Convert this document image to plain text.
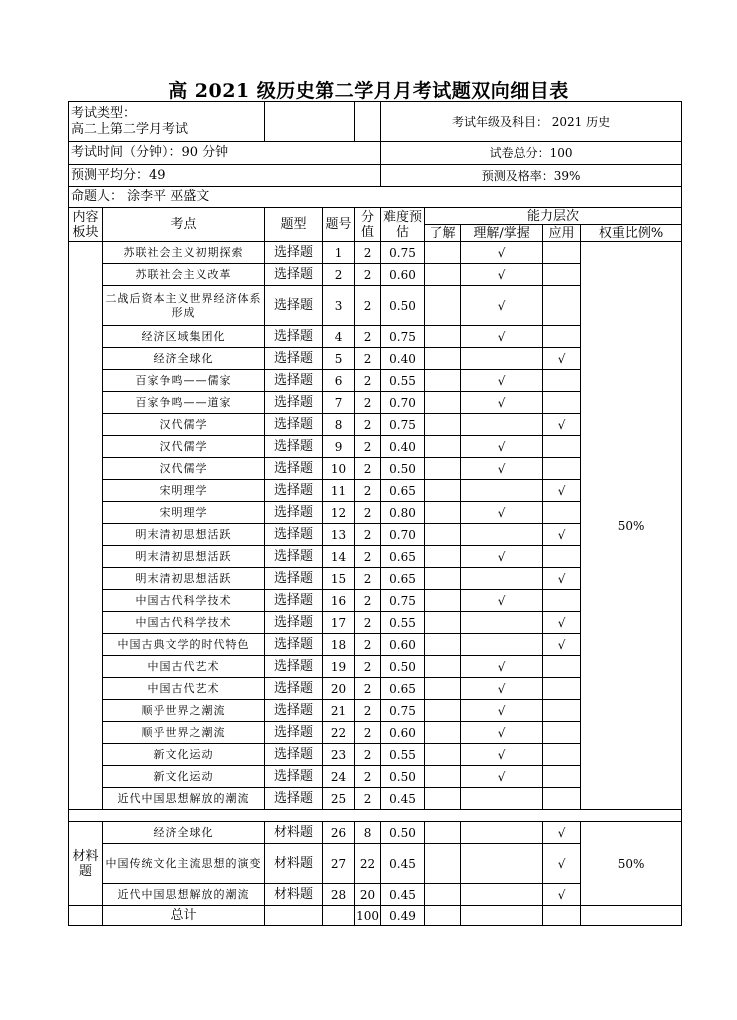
高 2021 级历史第二学月月考试题双向细目表
考试类型：
高二上第二学月考试					考试年级及科目： 2021 历史				
考试时间（分钟）：90 分钟					试卷总分：100				
预测平均分：49					预测及格率：39%				
命题人： 涂李平 巫盛文									
内容板块	考点	题型	题号	分值	难度预估	能力层次			
						了解	理解/掌握	应用	权重比例%
	苏联社会主义初期探索	选择题	1	2	0.75		√		50%
	苏联社会主义改革	选择题	2	2	0.60		√		
	二战后资本主义世界经济体系形成	选择题	3	2	0.50		√		
	经济区域集团化	选择题	4	2	0.75		√		
	经济全球化	选择题	5	2	0.40			√	
	百家争鸣——儒家	选择题	6	2	0.55		√		
	百家争鸣——道家	选择题	7	2	0.70		√		
	汉代儒学	选择题	8	2	0.75			√	
	汉代儒学	选择题	9	2	0.40		√		
	汉代儒学	选择题	10	2	0.50		√		
	宋明理学	选择题	11	2	0.65			√	
	宋明理学	选择题	12	2	0.80		√		
	明末清初思想活跃	选择题	13	2	0.70			√	
	明末清初思想活跃	选择题	14	2	0.65		√		
	明末清初思想活跃	选择题	15	2	0.65			√	
	中国古代科学技术	选择题	16	2	0.75		√		
	中国古代科学技术	选择题	17	2	0.55			√	
	中国古典文学的时代特色	选择题	18	2	0.60			√	
	中国古代艺术	选择题	19	2	0.50		√		
	中国古代艺术	选择题	20	2	0.65		√		
	顺乎世界之潮流	选择题	21	2	0.75		√		
	顺乎世界之潮流	选择题	22	2	0.60		√		
	新文化运动	选择题	23	2	0.55		√		
	新文化运动	选择题	24	2	0.50		√		
	近代中国思想解放的潮流	选择题	25	2	0.45				

材料题	经济全球化	材料题	26	8	0.50			√	50%
	中国传统文化主流思想的演变	材料题	27	22	0.45			√	
	近代中国思想解放的潮流	材料题	28	20	0.45			√	
	总计			100	0.49				
